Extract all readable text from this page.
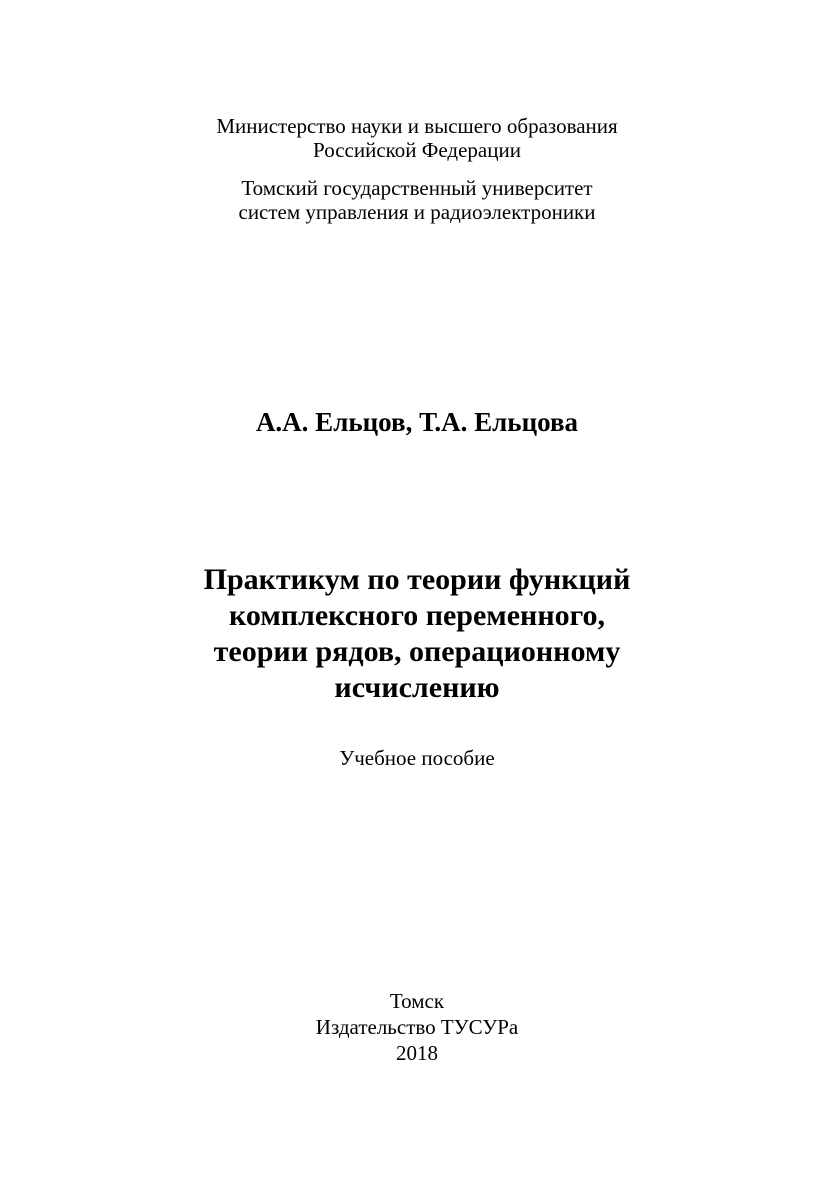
Министерство науки и высшего образования
Российской Федерации
Томский государственный университет
систем управления и радиоэлектроники
А.А. Ельцов, Т.А. Ельцова
Практикум по теории функций
комплексного переменного,
теории рядов, операционному
исчислению
Учебное пособие
Томск
Издательство ТУСУРа
2018
